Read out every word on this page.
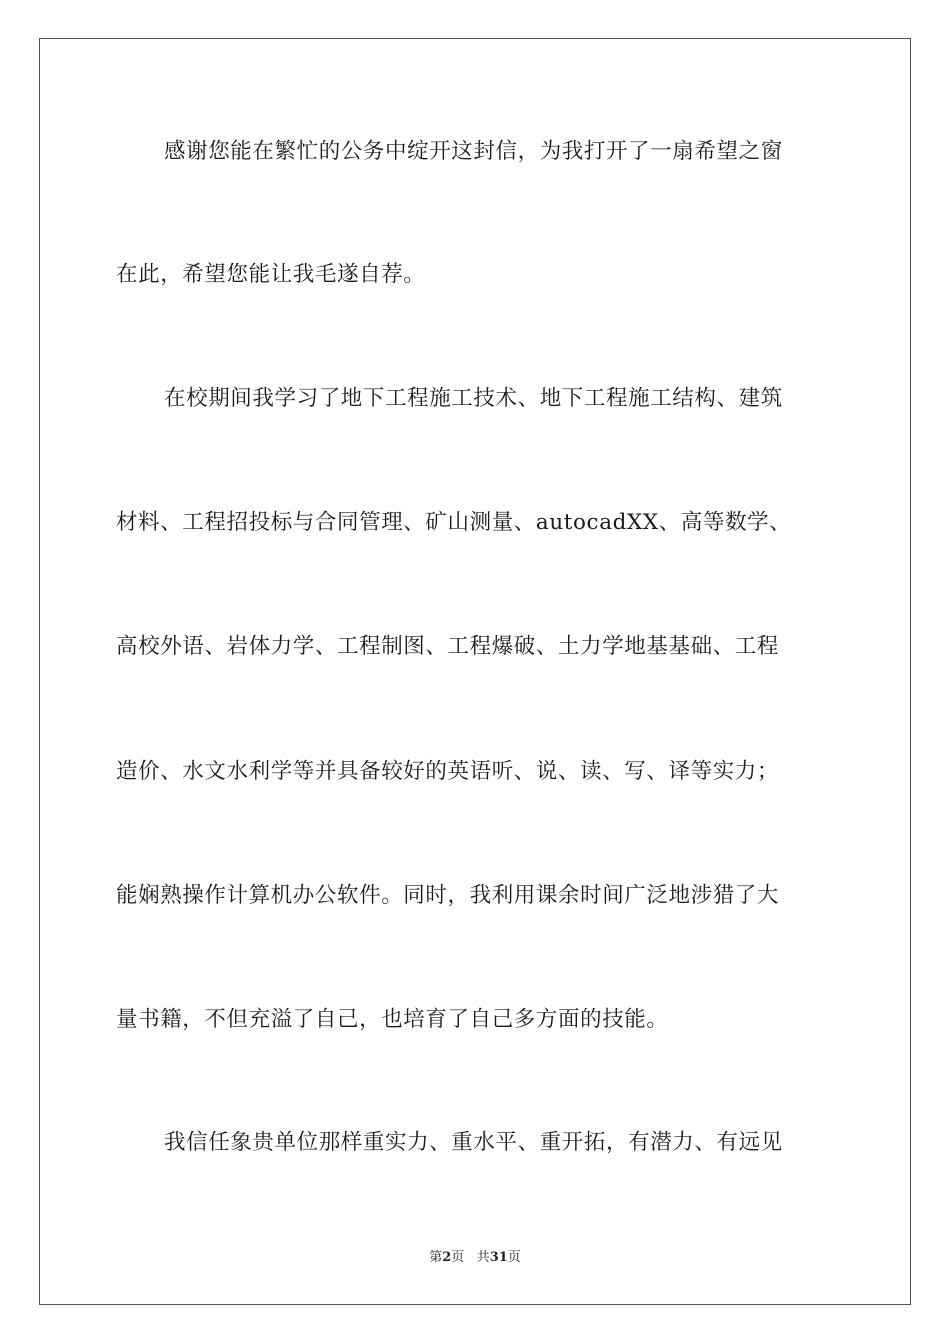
感谢您能在繁忙的公务中绽开这封信，为我打开了一扇希望之窗
在此，希望您能让我毛遂自荐。
在校期间我学习了地下工程施工技术、地下工程施工结构、建筑
材料、工程招投标与合同管理、矿山测量、autocadXX、高等数学、
高校外语、岩体力学、工程制图、工程爆破、土力学地基基础、工程
造价、水文水利学等并具备较好的英语听、说、读、写、译等实力；
能娴熟操作计算机办公软件。同时，我利用课余时间广泛地涉猎了大
量书籍，不但充溢了自己，也培育了自己多方面的技能。
我信任象贵单位那样重实力、重水平、重开拓，有潜力、有远见
第2页 共31页
